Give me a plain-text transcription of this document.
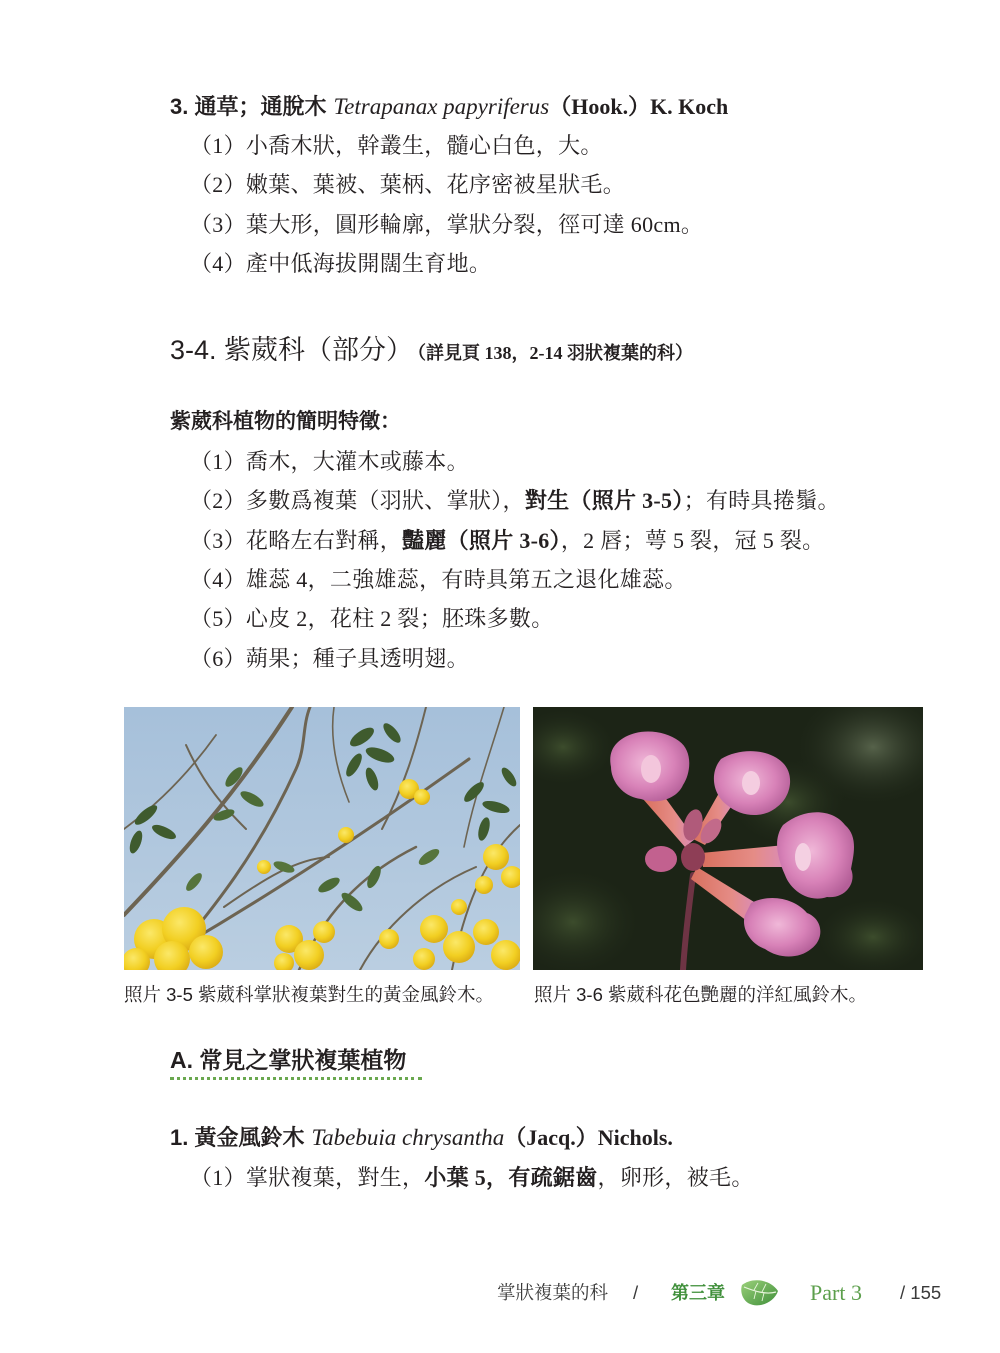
3. 通草；通脫木 Tetrapanax papyriferus（Hook.）K. Koch
（1）小喬木狀，幹叢生，髓心白色，大。
（2）嫩葉、葉被、葉柄、花序密被星狀毛。
（3）葉大形，圓形輪廓，掌狀分裂，徑可達 60cm。
（4）產中低海拔開闊生育地。
3-4. 紫葳科（部分） （詳見頁 138，2-14 羽狀複葉的科）
紫葳科植物的簡明特徵：
（1）喬木，大灌木或藤本。
（2）多數爲複葉（羽狀、掌狀），對生（照片 3-5）；有時具捲鬚。
（3）花略左右對稱，豔麗（照片 3-6），2 唇；萼 5 裂，冠 5 裂。
（4）雄蕊 4，二強雄蕊，有時具第五之退化雄蕊。
（5）心皮 2，花柱 2 裂；胚珠多數。
（6）蒴果；種子具透明翅。
照片 3-5 紫葳科掌狀複葉對生的黃金風鈴木。 照片 3-6 紫葳科花色艷麗的洋紅風鈴木。
A. 常見之掌狀複葉植物
1. 黃金風鈴木 Tabebuia chrysantha（Jacq.）Nichols.
（1）掌狀複葉，對生，小葉 5，有疏鋸齒，卵形，被毛。
掌狀複葉的科 / 第三章	Part 3 / 155
